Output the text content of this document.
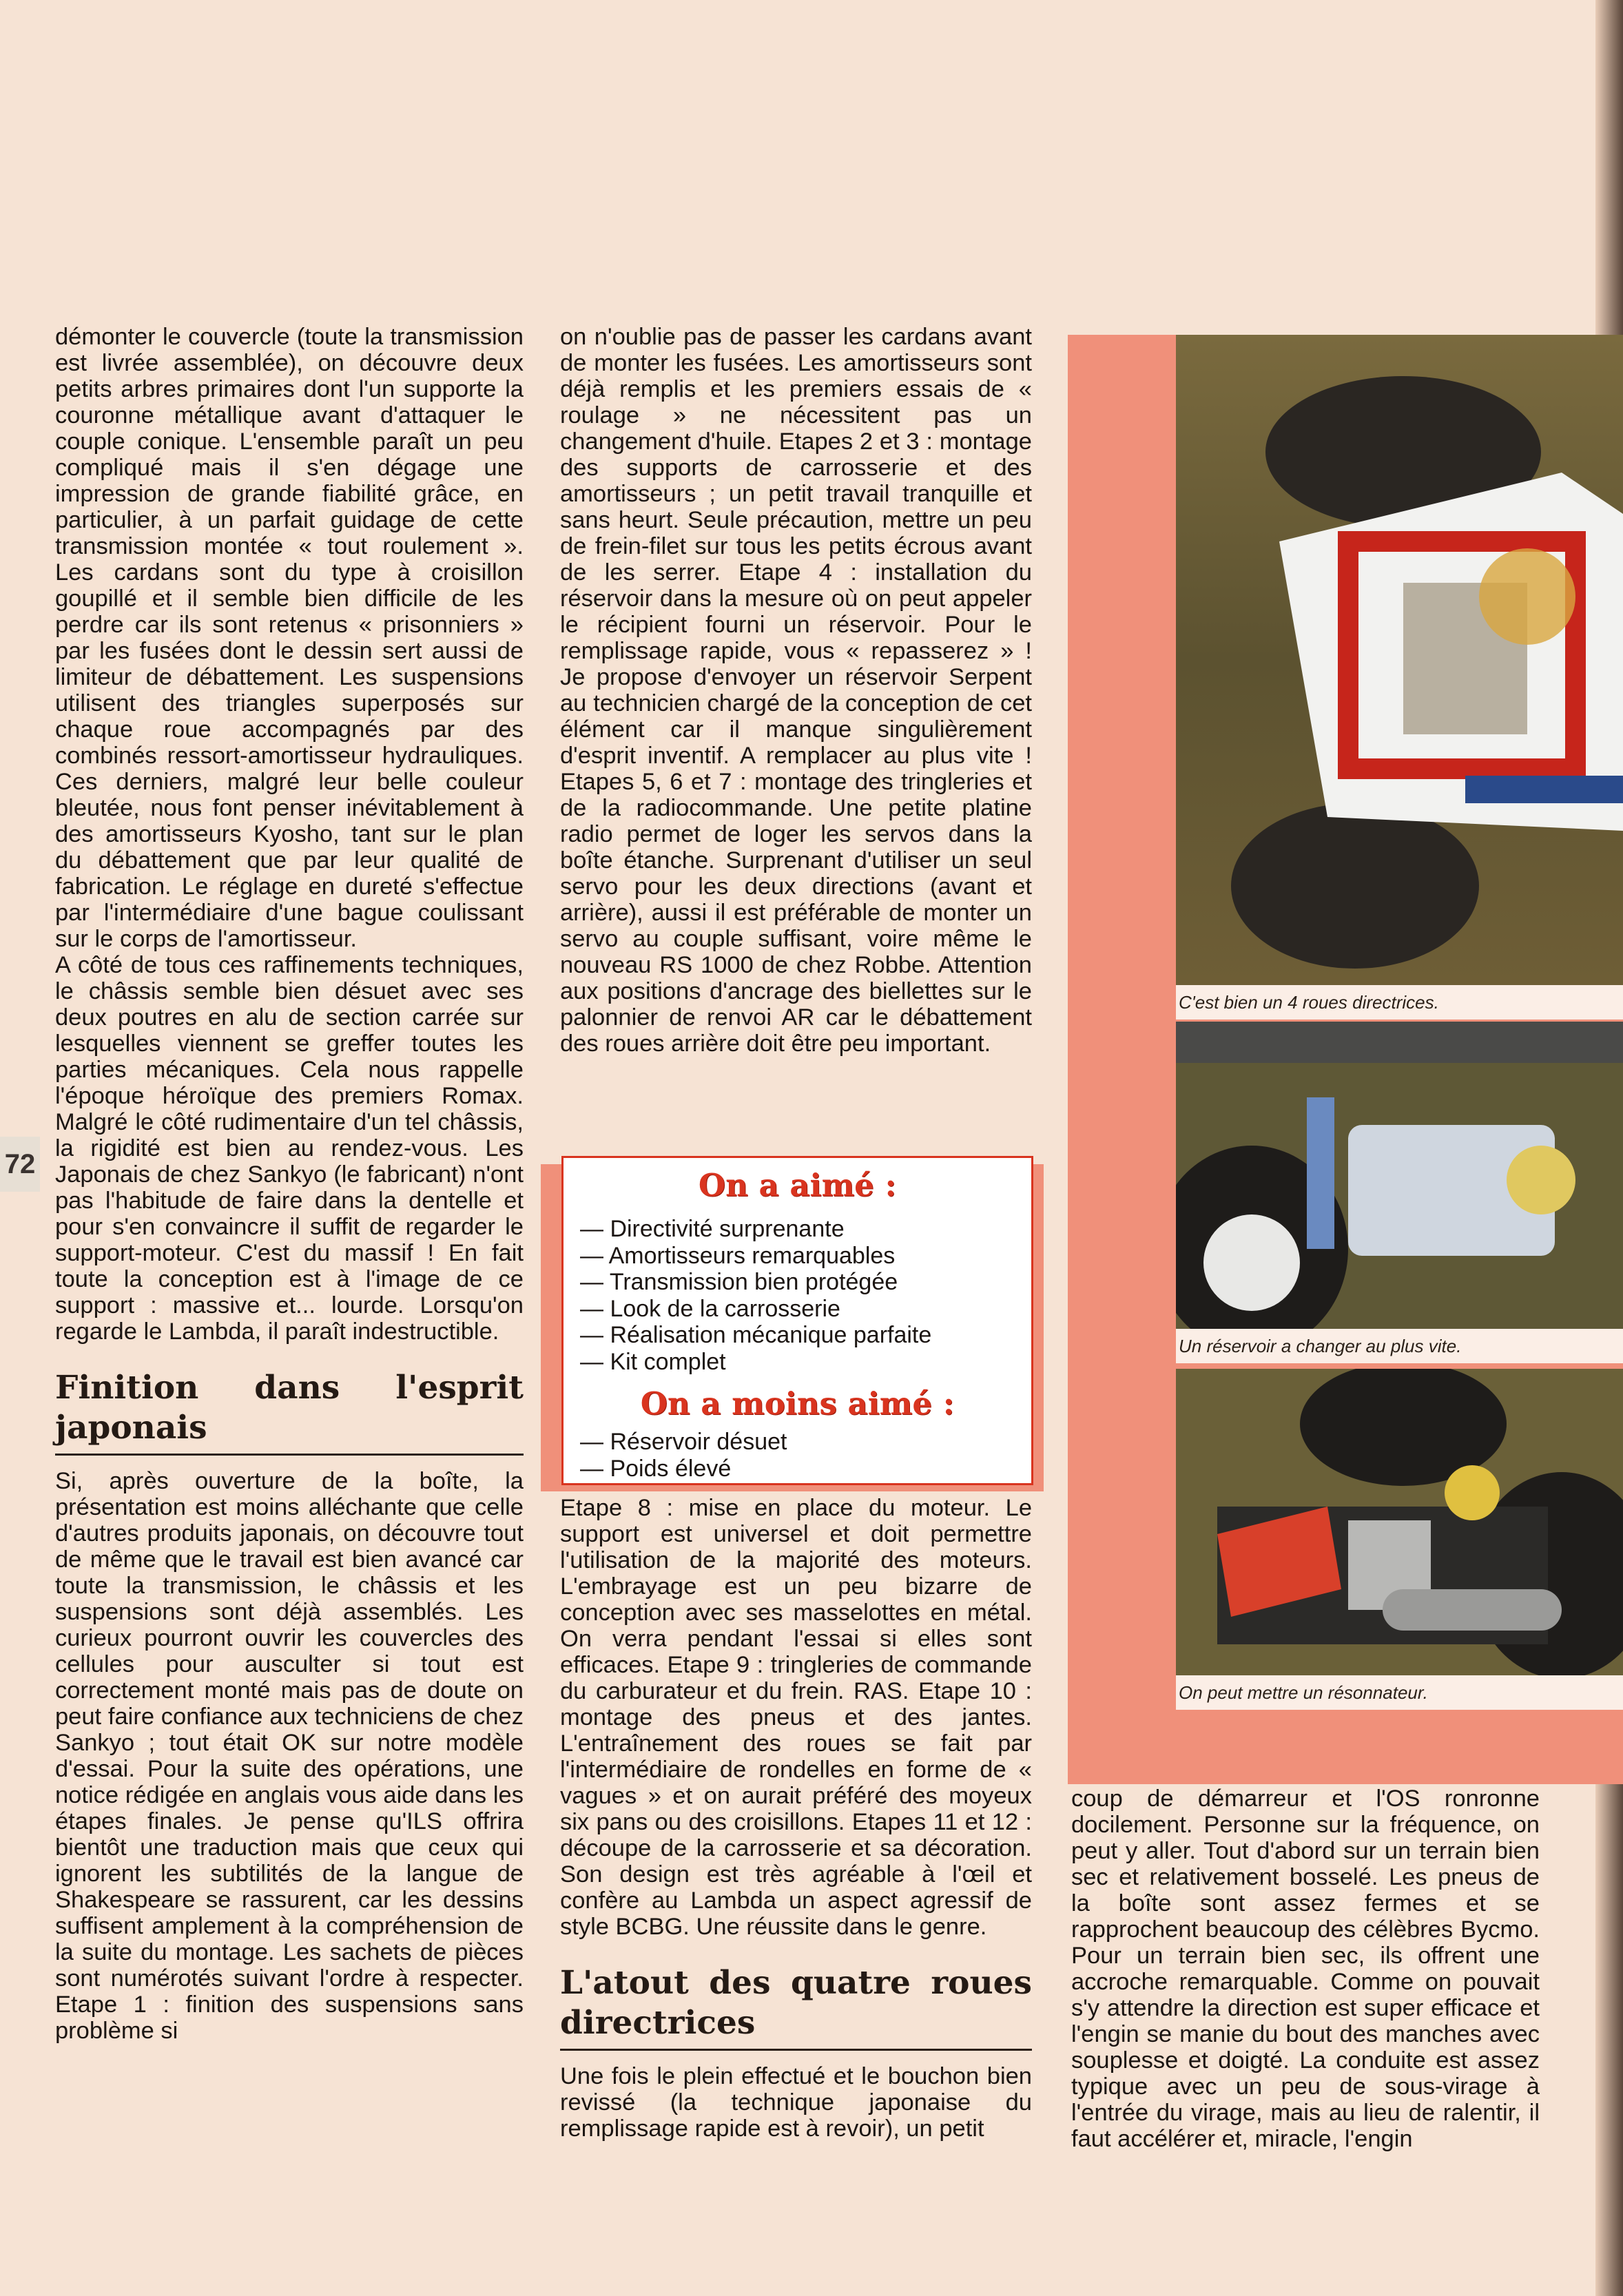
72

démonter le couvercle (toute la transmission est livrée assemblée), on découvre deux petits arbres primaires dont l'un supporte la couronne métallique avant d'attaquer le couple conique. L'ensemble paraît un peu compliqué mais il s'en dégage une impression de grande fiabilité grâce, en particulier, à un parfait guidage de cette transmission montée « tout roulement ». Les cardans sont du type à croisillon goupillé et il semble bien difficile de les perdre car ils sont retenus « prisonniers » par les fusées dont le dessin sert aussi de limiteur de débattement. Les suspensions utilisent des triangles superposés sur chaque roue accompagnés par des combinés ressort-amortisseur hydrauliques. Ces derniers, malgré leur belle couleur bleutée, nous font penser inévitablement à des amortisseurs Kyosho, tant sur le plan du débattement que par leur qualité de fabrication. Le réglage en dureté s'effectue par l'intermédiaire d'une bague coulissant sur le corps de l'amortisseur.

A côté de tous ces raffinements techniques, le châssis semble bien désuet avec ses deux poutres en alu de section carrée sur lesquelles viennent se greffer toutes les parties mécaniques. Cela nous rappelle l'époque héroïque des premiers Romax. Malgré le côté rudimentaire d'un tel châssis, la rigidité est bien au rendez-vous. Les Japonais de chez Sankyo (le fabricant) n'ont pas l'habitude de faire dans la dentelle et pour s'en convaincre il suffit de regarder le support-moteur. C'est du massif ! En fait toute la conception est à l'image de ce support : massive et... lourde. Lorsqu'on regarde le Lambda, il paraît indestructible.

Finition dans l'esprit japonais

Si, après ouverture de la boîte, la présentation est moins alléchante que celle d'autres produits japonais, on découvre tout de même que le travail est bien avancé car toute la transmission, le châssis et les suspensions sont déjà assemblés. Les curieux pourront ouvrir les couvercles des cellules pour ausculter si tout est correctement monté mais pas de doute on peut faire confiance aux techniciens de chez Sankyo ; tout était OK sur notre modèle d'essai. Pour la suite des opérations, une notice rédigée en anglais vous aide dans les étapes finales. Je pense qu'ILS offrira bientôt une traduction mais que ceux qui ignorent les subtilités de la langue de Shakespeare se rassurent, car les dessins suffisent amplement à la compréhension de la suite du montage. Les sachets de pièces sont numérotés suivant l'ordre à respecter. Etape 1 : finition des suspensions sans problème si

on n'oublie pas de passer les cardans avant de monter les fusées. Les amortisseurs sont déjà remplis et les premiers essais de « roulage » ne nécessitent pas un changement d'huile. Etapes 2 et 3 : montage des supports de carrosserie et des amortisseurs ; un petit travail tranquille et sans heurt. Seule précaution, mettre un peu de frein-filet sur tous les petits écrous avant de les serrer. Etape 4 : installation du réservoir dans la mesure où on peut appeler le récipient fourni un réservoir. Pour le remplissage rapide, vous « repasserez » ! Je propose d'envoyer un réservoir Serpent au technicien chargé de la conception de cet élément car il manque singulièrement d'esprit inventif. A remplacer au plus vite ! Etapes 5, 6 et 7 : montage des tringleries et de la radiocommande. Une petite platine radio permet de loger les servos dans la boîte étanche. Surprenant d'utiliser un seul servo pour les deux directions (avant et arrière), aussi il est préférable de monter un servo au couple suffisant, voire même le nouveau RS 1000 de chez Robbe. Attention aux positions d'ancrage des biellettes sur le palonnier de renvoi AR car le débattement des roues arrière doit être peu important.

On a aimé :
— Directivité surprenante
— Amortisseurs remarquables
— Transmission bien protégée
— Look de la carrosserie
— Réalisation mécanique parfaite
— Kit complet
On a moins aimé :
— Réservoir désuet
— Poids élevé

Etape 8 : mise en place du moteur. Le support est universel et doit permettre l'utilisation de la majorité des moteurs. L'embrayage est un peu bizarre de conception avec ses masselottes en métal. On verra pendant l'essai si elles sont efficaces. Etape 9 : tringleries de commande du carburateur et du frein. RAS. Etape 10 : montage des pneus et des jantes. L'entraînement des roues se fait par l'intermédiaire de rondelles en forme de « vagues » et on aurait préféré des moyeux six pans ou des croisillons. Etapes 11 et 12 : découpe de la carrosserie et sa décoration. Son design est très agréable à l'œil et confère au Lambda un aspect agressif de style BCBG. Une réussite dans le genre.

L'atout des quatre roues directrices

Une fois le plein effectué et le bouchon bien revissé (la technique japonaise du remplissage rapide est à revoir), un petit

coup de démarreur et l'OS ronronne docilement. Personne sur la fréquence, on peut y aller. Tout d'abord sur un terrain bien sec et relativement bosselé. Les pneus de la boîte sont assez fermes et se rapprochent beaucoup des célèbres Bycmo. Pour un terrain bien sec, ils offrent une accroche remarquable. Comme on pouvait s'y attendre la direction est super efficace et l'engin se manie du bout des manches avec souplesse et doigté. La conduite est assez typique avec un peu de sous-virage à l'entrée du virage, mais au lieu de ralentir, il faut accélérer et, miracle, l'engin

C'est bien un 4 roues directrices.
Un réservoir a changer au plus vite.
On peut mettre un résonnateur.
